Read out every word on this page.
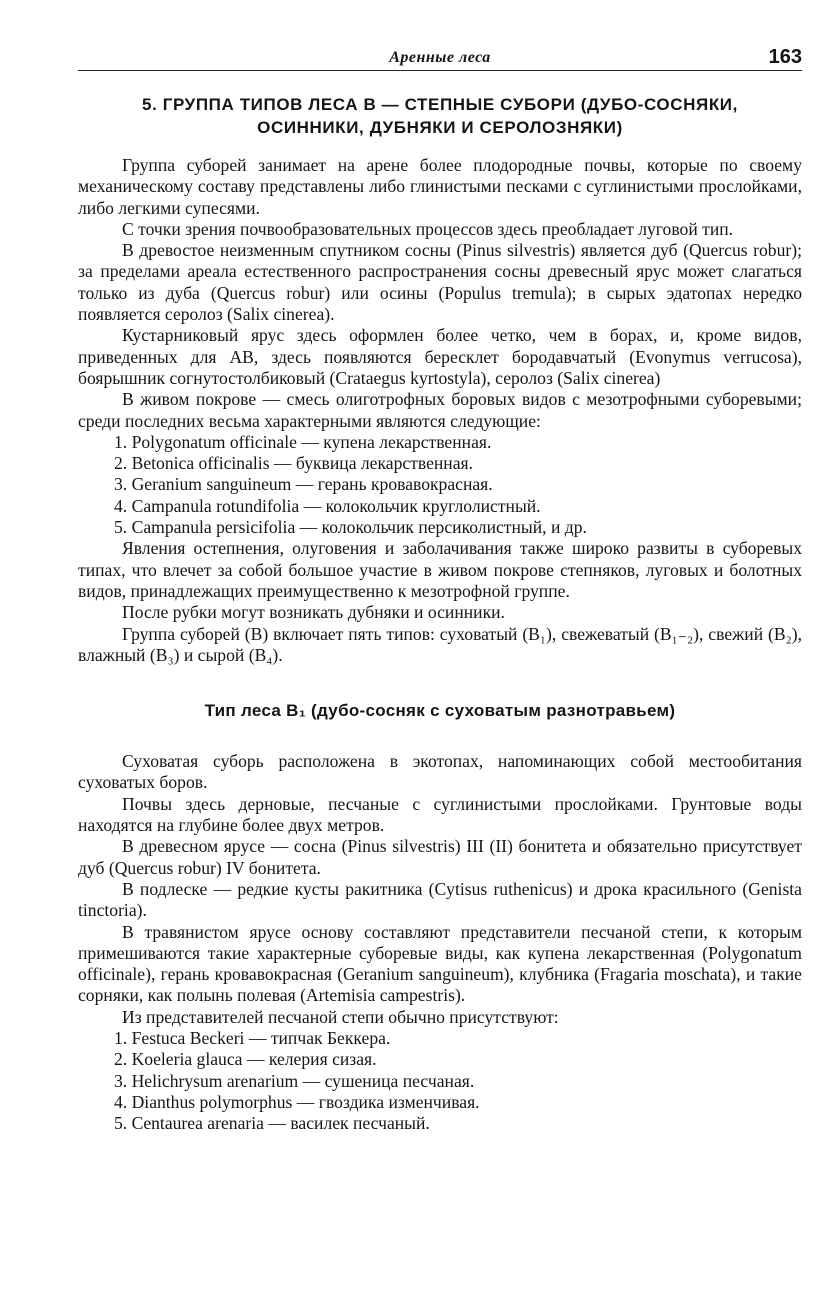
Аренные леса	163
5. ГРУППА ТИПОВ ЛЕСА В — СТЕПНЫЕ СУБОРИ (ДУБО-СОСНЯКИ,
ОСИННИКИ, ДУБНЯКИ И СЕРОЛОЗНЯКИ)

Группа суборей занимает на арене более плодородные почвы, которые по своему механическому составу представлены либо глинистыми песками с суглинистыми прослойками, либо легкими супесями.

С точки зрения почвообразовательных процессов здесь преобладает луговой тип.

В древостое неизменным спутником сосны (Pinus silvestris) является дуб (Quercus robur); за пределами ареала естественного распространения сосны древесный ярус может слагаться только из дуба (Quercus robur) или осины (Populus tremula); в сырых эдатопах нередко появляется серолоз (Salix cinerea).

Кустарниковый ярус здесь оформлен более четко, чем в борах, и, кроме видов, приведенных для АВ, здесь появляются бересклет бородавчатый (Evonymus verrucosa), боярышник согнутостолбиковый (Crataegus kyrtostyla), серолоз (Salix cinerea)

В живом покрове — смесь олиготрофных боровых видов с мезотрофными суборевыми; среди последних весьма характерными являются следующие:

1. Polygonatum officinale — купена лекарственная.
2. Betonica officinalis — буквица лекарственная.
3. Geranium sanguineum — герань кровавокрасная.
4. Campanula rotundifolia — колокольчик круглолистный.
5. Campanula persicifolia — колокольчик персиколистный, и др.

Явления остепнения, олуговения и заболачивания также широко развиты в суборевых типах, что влечет за собой большое участие в живом покрове степняков, луговых и болотных видов, принадлежащих преимущественно к мезотрофной группе.

После рубки могут возникать дубняки и осинники.

Группа суборей (В) включает пять типов: суховатый (В₁), свежеватый (В₁₋₂), свежий (В₂), влажный (В₃) и сырой (В₄).

Тип леса В₁ (дубо-сосняк с суховатым разнотравьем)

Суховатая суборь расположена в экотопах, напоминающих собой местообитания суховатых боров.

Почвы здесь дерновые, песчаные с суглинистыми прослойками. Грунтовые воды находятся на глубине более двух метров.

В древесном ярусе — сосна (Pinus silvestris) III (II) бонитета и обязательно присутствует дуб (Quercus robur) IV бонитета.

В подлеске — редкие кусты ракитника (Cytisus ruthenicus) и дрока красильного (Genista tinctoria).

В травянистом ярусе основу составляют представители песчаной степи, к которым примешиваются такие характерные суборевые виды, как купена лекарственная (Polygonatum officinale), герань кровавокрасная (Geranium sanguineum), клубника (Fragaria moschata), и такие сорняки, как полынь полевая (Artemisia campestris).

Из представителей песчаной степи обычно присутствуют:

1. Festuca Beckeri — типчак Беккера.
2. Koeleria glauca — келерия сизая.
3. Helichrysum arenarium — сушеница песчаная.
4. Dianthus polymorphus — гвоздика изменчивая.
5. Centaurea arenaria — василек песчаный.
